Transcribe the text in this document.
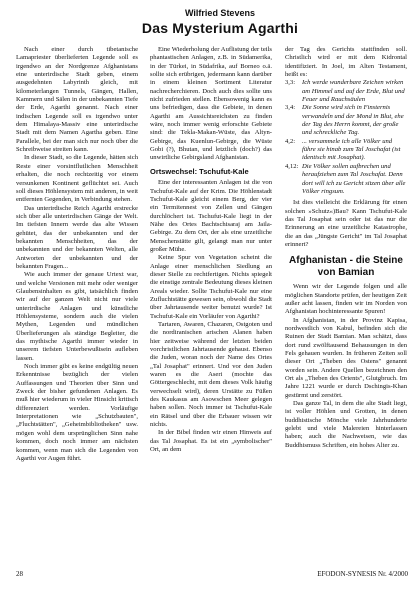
Wilfried Stevens
Das Mysterium Agarthi

Nach einer durch tibetanische Lamapriester überlieferten Legende soll es irgendwo an der Nordgrenze Afghanistans eine unterirdische Stadt geben, einem ausgedehnten Labyrinth gleich, mit kilometerlangen Tunnels, Gängen, Hallen, Kammern und Sälen in der unbekannten Tiefe der Erde, Agarthi genannt. Nach einer indischen Legende soll es irgendwo unter dem Himalaya-Massiv eine unterirdische Stadt mit dem Namen Agartha geben. Eine Parallele, bei der man sich nur noch über die Schreibweise streiten kann.

In dieser Stadt, so die Legende, hätten sich Reste einer vorsintflutlichen Menschheit erhalten, die noch rechtzeitig vor einem versunkenen Kontinent geflüchtet sei. Auch soll dieses Höhlensystem mit anderen, in weit entfernten Gegenden, in Verbindung stehen.

Das unterirdische Reich Agarthi erstrecke sich über alle unterirdischen Gänge der Welt. Im tiefsten Innern werde das alte Wissen gehütet, das der unbekannten und der bekannten Menschheiten, das der unbekannten und der bekannten Welten, alle Antworten der unbekannten und der bekannten Fragen...

Wie auch immer der genaue Urtext war, und welche Versionen mit mehr oder weniger Glaubensinhalten es gibt, tatsächlich finden wir auf der ganzen Welt nicht nur viele unterirdische Anlagen und künstliche Höhlensysteme, sondern auch die vielen Mythen, Legenden und mündlichen Überlieferungen als ständige Begleiter, die das mythische Agarthi immer wieder in unserem tiefsten Unterbewußtsein aufleben lassen.

Noch immer gibt es keine endgültig neuen Erkenntnisse bezüglich der vielen Auffassungen und Theorien über Sinn und Zweck der bisher gefundenen Anlagen. Es muß hier wiederum in vieler Hinsicht kritisch differenziert werden. Vorläufige Interpretationen wie „Schutzbauten", „Fluchtstätten", „Geheimbibliotheken" usw. mögen wohl dem ursprünglichen Sinn nahe kommen, doch noch immer am nächsten kommen, wenn man sich die Legenden von Agarthi vor Augen führt.

Eine Wiederholung der Auflistung der teils phantastischen Anlagen, z.B. in Südamerika, in der Türkei, in Südafrika, auf Borneo o.ä. sollte sich erübrigen, jedermann kann darüber in einem kleinen Sortiment Literatur nachrecherchieren. Doch auch dies sollte uns nicht zufrieden stellen. Ebensowenig kann es uns befriedigen, dass die Gebiete, in denen Agarthi am Aussichtsreichsten zu finden wäre, noch immer wenig erforschte Gebiete sind: die Tekla-Makan-Wüste, das Altyn-Gebirge, das Kuenlun-Gebirge, die Wüste Gobi (?), Bhutan, und letztlich (doch?) das unwirtliche Gebirgsland Afghanistan.

Ortswechsel: Tschufut-Kale

Eine der interessanten Anlagen ist die von Tschufut-Kale auf der Krim. Die Höhlenstadt Tschufut-Kale gleicht einem Berg, der vier ein Termitennest von Zellen und Gängen durchlöchert ist. Tschufut-Kale liegt in der Nähe des Ortes Bachtschisaraj am Jaila-Gebirge. Zu dem Ort, der als eine urzeitliche Menschenstätte gilt, gelangt man nur unter großer Mühe.

Keine Spur von Vegetation scheint die Anlage einer menschlichen Siedlung an dieser Stelle zu rechtfertigen. Nichts spiegelt die einstige zentrale Bedeutung dieses kleinen Areals wieder. Sollte Tschufut-Kale nur eine Zufluchtstätte gewesen sein, obwohl die Stadt über Jahrtausende weiter benutzt wurde? Ist Tschufut-Kale ein Vorläufer von Agarthi?

Tartaren, Awaren, Chazaren, Ostgoten und die nordiranischen arischen Alanen haben hier zeitweise während der letzten beiden vorchristlichen Jahrtausende gehaust. Ebenso die Juden, woran noch der Name des Ortes „Tal Josaphat" erinnert. Und vor den Juden waren es die Aseri (mochte das Göttergeschlecht, mit dem dieses Volk häufig verwechselt wird), deren Urstätte zu Füßen des Kaukasus am Asowschen Meer gelegen haben sollen. Noch immer ist Tschufut-Kale ein Rätsel und über die Erbauer wissen wir nichts.

In der Bibel finden wir einen Hinweis auf das Tal Josaphat. Es ist ein „symbolischer" Ort, an dem

der Tag des Gerichts stattfinden soll. Christlich wird er mit dem Kidrontal identifiziert. In Joel, im Alten Testament, heißt es:

3,3:	Ich werde wunderbare Zeichen wirken am Himmel und auf der Erde, Blut und Feuer und Rauchsäulen
3,4:	Die Sonne wird sich in Finsternis verwandeln und der Mond in Blut, ehe der Tag des Herrn kommt, der große und schreckliche Tag.
4,2:	... versammele ich alle Völker und führe sie hinab zum Tal Joschafat (ist identisch mit Josaphat).
4,12: Die Völker sollen aufbrechen und heraufziehen zum Tal Joschafat. Denn dort will ich zu Gericht sitzen über alle Völker ringsum.

Ist dies vielleicht die Erklärung für einen solchen »Schutz«)Bau? Kann Tschufut-Kale das Tal Josaphat sein oder ist das nur die Erinnerung an eine urzeitliche Katastrophe, die an das „Jüngste Gericht" im Tal Josaphat erinnert?

Afghanistan - die Steine von Bamian

Wenn wir der Legende folgen und alle möglichen Standorte prüfen, der heutigen Zeit außer acht lassen, finden wir im Norden von Afghanistan hochinteressante Spuren!

In Afghanistan, in der Provinz Kapisa, nordwestlich von Kabul, befinden sich die Ruinen der Stadt Bamian. Man schätzt, dass dort rund zwölftausend Behausungen in den Fels gehauen wurden. In früheren Zeiten soll dieser Ort „Theben des Ostens" genannt worden sein. Andere Quellen bezeichnen den Ort als „Theben des Orients", Glutgbruch. Im Jahre 1221 wurde er durch Dschingis-Khan gestürmt und zerstört.

Das ganze Tal, in dem die alte Stadt liegt, ist voller Höhlen und Grotten, in denen buddhistische Mönche viele Jahrhunderte gelebt und viele Malereien hinterlassen haben; auch die Nachweisen, wie das Buddhismuss Schriften, ein hohes Alter zu.

28	EFODON-SYNESIS Nr. 4/2000
